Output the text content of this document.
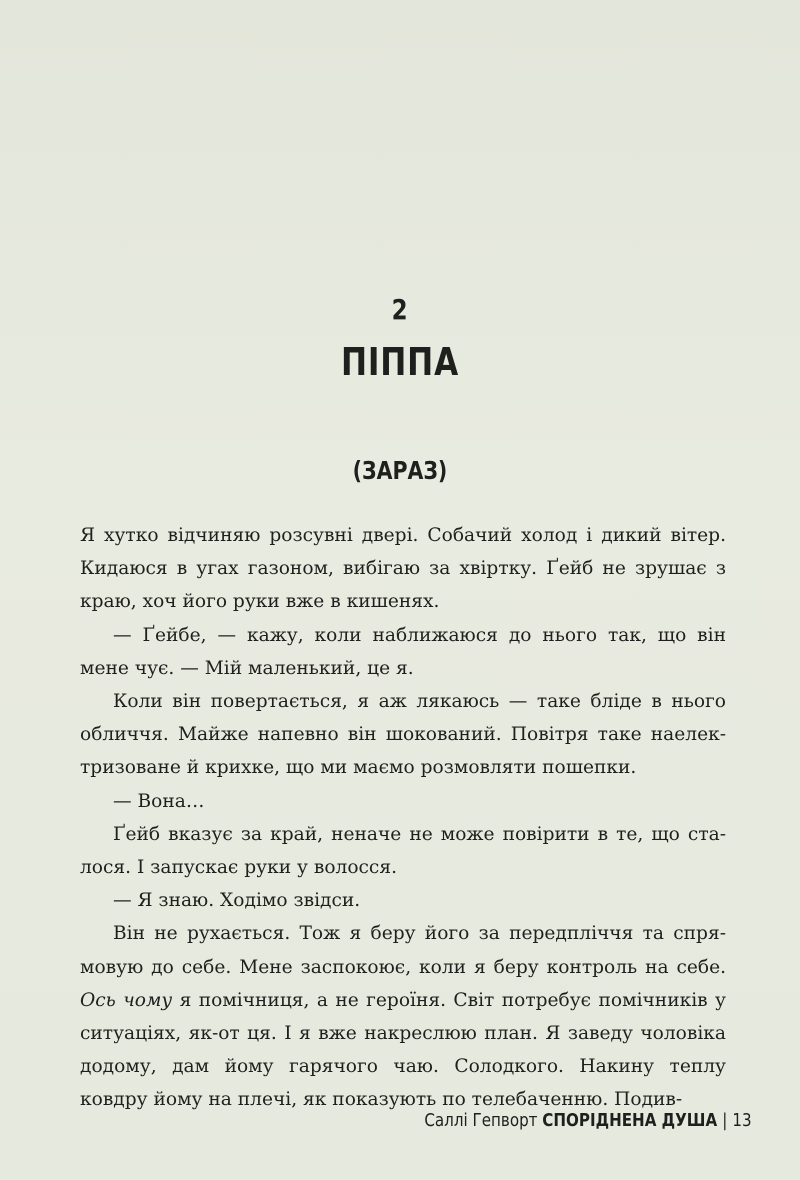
2
ПІППА
(ЗАРАЗ)

Я хутко відчиняю розсувні двері. Собачий холод і дикий вітер. Кидаюся в угах газоном, вибігаю за хвіртку. Ґейб не зрушає з краю, хоч його руки вже в кишенях.

— Ґейбе, — кажу, коли наближаюся до нього так, що він мене чує. — Мій маленький, це я.

Коли він повертається, я аж лякаюсь — таке бліде в нього обличчя. Майже напевно він шокований. Повітря таке наелектризоване й крихке, що ми маємо розмовляти пошепки.

— Вона…

Ґейб вказує за край, неначе не може повірити в те, що сталося. І запускає руки у волосся.

— Я знаю. Ходімо звідси.

Він не рухається. Тож я беру його за передпліччя та спрямовую до себе. Мене заспокоює, коли я беру контроль на себе. Ось чому я помічниця, а не героїня. Світ потребує помічників у ситуаціях, як-от ця. І я вже накреслюю план. Я заведу чоловіка додому, дам йому гарячого чаю. Солодкого. Накину теплу ковдру йому на плечі, як показують по телебаченню. Подив-

Саллі Гепворт СПОРІДНЕНА ДУША | 13
